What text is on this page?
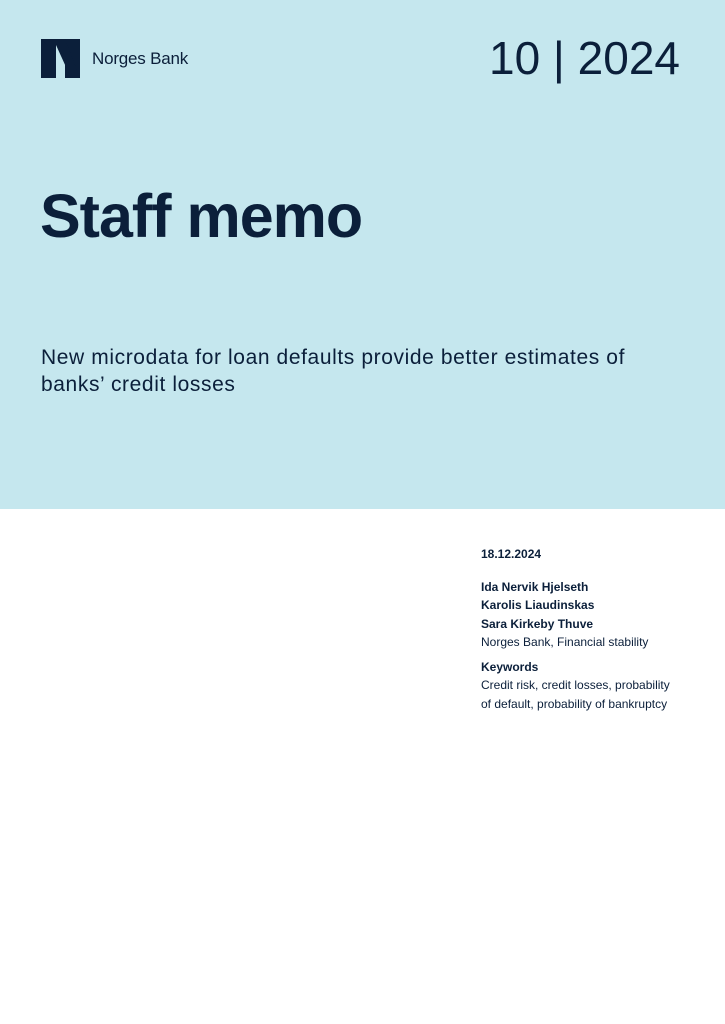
Norges Bank	10 | 2024
Staff memo
New microdata for loan defaults provide better estimates of banks’ credit losses
18.12.2024
Ida Nervik Hjelseth
Karolis Liaudinskas
Sara Kirkeby Thuve
Norges Bank, Financial stability
Keywords
Credit risk, credit losses, probability of default, probability of bankruptcy
